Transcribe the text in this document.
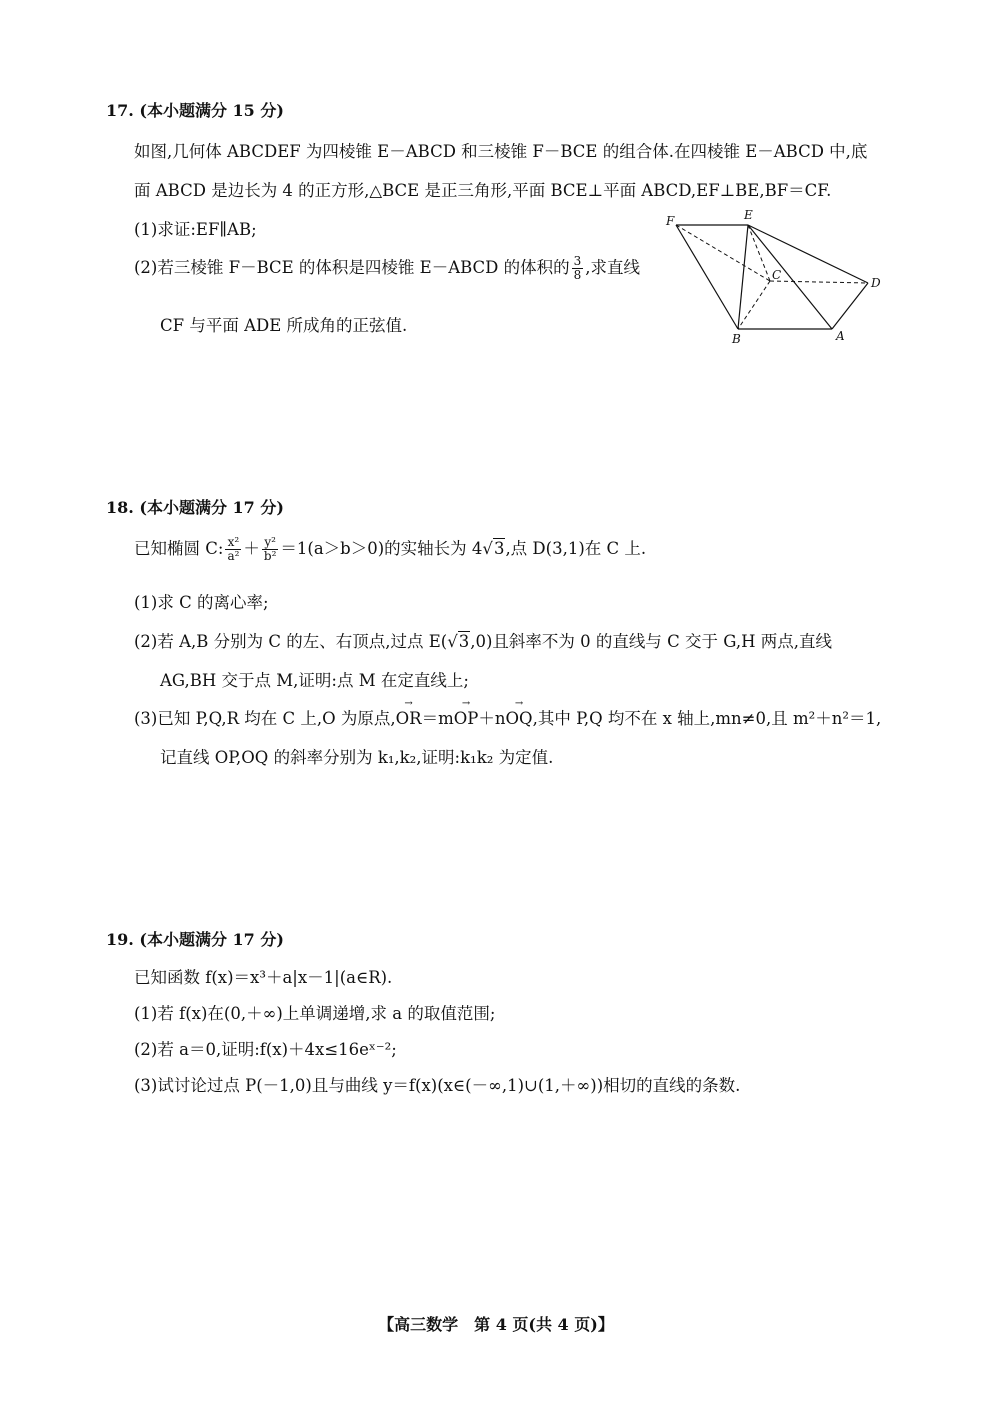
17. (本小题满分 15 分)
如图,几何体 ABCDEF 为四棱锥 E－ABCD 和三棱锥 F－BCE 的组合体.在四棱锥 E－ABCD 中,底
面 ABCD 是边长为 4 的正方形,△BCE 是正三角形,平面 BCE⊥平面 ABCD,EF⊥BE,BF＝CF.
(1)求证:EF∥AB;
(2)若三棱锥 F－BCE 的体积是四棱锥 E－ABCD 的体积的 $\frac{3}{8}$ ,求直线
CF 与平面 ADE 所成角的正弦值.
F	E
C
D
B	A
18. (本小题满分 17 分)
已知椭圆 C: $\frac{\text{x²}}{\text{a²}} + \frac{\text{y²}}{\text{b²}} =1(a>b>0)$的实轴长为 4√3,点 D(3,1)在 C 上.
(1)求 C 的离心率;
(2)若 A,B 分别为 C 的左、右顶点,过点 E(√3,0)且斜率不为 0 的直线与 C 交于 G,H 两点,直线
AG,BH 交于点 M,证明:点 M 在定直线上;
(3)已知 P,Q,R 均在 C 上,O 为原点,→ OR＝m→ OP＋n→ OQ,其中 P,Q 均不在 x 轴上,mn≠0,且 m²＋n²＝1,
记直线 OP,OQ 的斜率分别为 k₁,k₂,证明:k₁k₂ 为定值.
19. (本小题满分 17 分)
已知函数 f(x)＝x³＋a|x－1|(a∈R).
(1)若 f(x)在(0,＋∞)上单调递增,求 a 的取值范围;
(2)若 a＝0,证明:f(x)＋4x≤16eˣ⁻²;
(3)试讨论过点 P(－1,0)且与曲线 y＝f(x)(x∈(－∞,1)∪(1,＋∞))相切的直线的条数.
【高三数学　第 4 页(共 4 页)】
